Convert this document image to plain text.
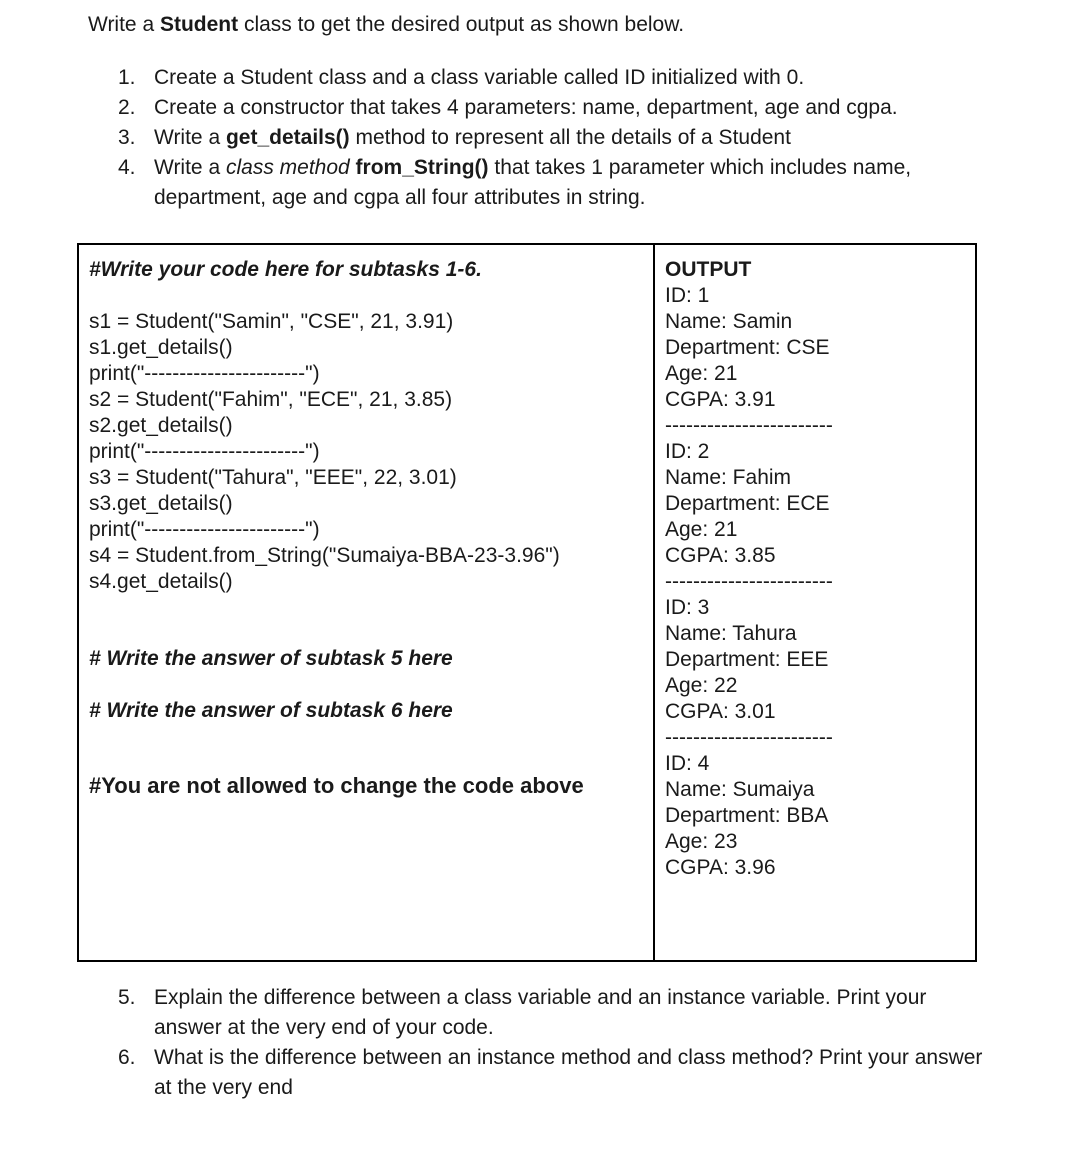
Write a Student class to get the desired output as shown below.
1. Create a Student class and a class variable called ID initialized with 0.
2. Create a constructor that takes 4 parameters: name, department, age and cgpa.
3. Write a get_details() method to represent all the details of a Student
4. Write a class method from_String() that takes 1 parameter which includes name, department, age and cgpa all four attributes in string.
#Write your code here for subtasks 1-6.
s1 = Student("Samin", "CSE", 21, 3.91)
s1.get_details()
print("-----------------------")
s2 = Student("Fahim", "ECE", 21, 3.85)
s2.get_details()
print("-----------------------")
s3 = Student("Tahura", "EEE", 22, 3.01)
s3.get_details()
print("-----------------------")
s4 = Student.from_String("Sumaiya-BBA-23-3.96")
s4.get_details()
# Write the answer of subtask 5 here
# Write the answer of subtask 6 here
#You are not allowed to change the code above
OUTPUT
ID: 1
Name: Samin
Department: CSE
Age: 21
CGPA: 3.91
------------------------
ID: 2
Name: Fahim
Department: ECE
Age: 21
CGPA: 3.85
------------------------
ID: 3
Name: Tahura
Department: EEE
Age: 22
CGPA: 3.01
------------------------
ID: 4
Name: Sumaiya
Department: BBA
Age: 23
CGPA: 3.96
5. Explain the difference between a class variable and an instance variable. Print your answer at the very end of your code.
6. What is the difference between an instance method and class method? Print your answer at the very end
